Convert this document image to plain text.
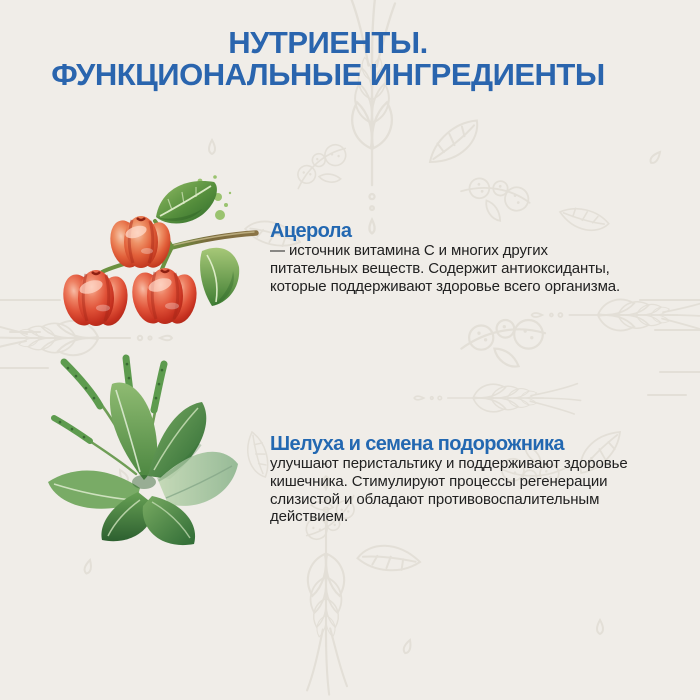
НУТРИЕНТЫ.
ФУНКЦИОНАЛЬНЫЕ ИНГРЕДИЕНТЫ
Ацерола
— источник витамина С и многих других
питательных веществ. Содержит антиоксиданты,
которые поддерживают здоровье всего организма.
Шелуха и семена подорожника
улучшают перистальтику и поддерживают здоровье
кишечника. Стимулируют процессы регенерации
слизистой и обладают противовоспалительным
действием.
